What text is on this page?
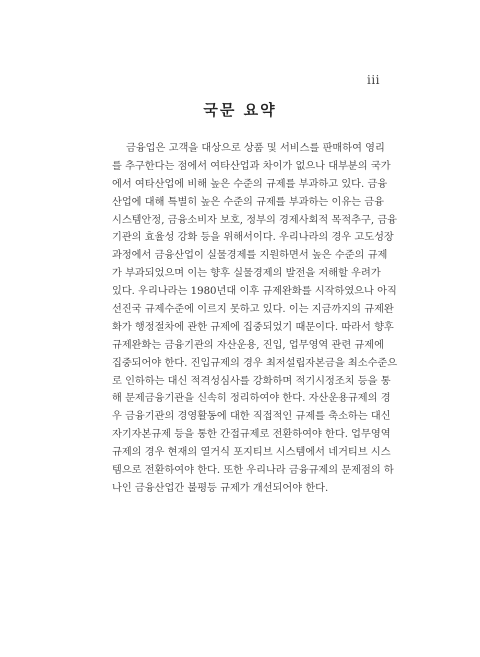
iii
국문 요약
금융업은 고객을 대상으로 상품 및 서비스를 판매하여 영리
를 추구한다는 점에서 여타산업과 차이가 없으나 대부분의 국가
에서 여타산업에 비해 높은 수준의 규제를 부과하고 있다. 금융
산업에 대해 특별히 높은 수준의 규제를 부과하는 이유는 금융
시스템안정, 금융소비자 보호, 정부의 경제사회적 목적추구, 금융
기관의 효율성 강화 등을 위해서이다. 우리나라의 경우 고도성장
과정에서 금융산업이 실물경제를 지원하면서 높은 수준의 규제
가 부과되었으며 이는 향후 실물경제의 발전을 저해할 우려가
있다. 우리나라는 1980년대 이후 규제완화를 시작하였으나 아직
선진국 규제수준에 이르지 못하고 있다. 이는 지금까지의 규제완
화가 행정절차에 관한 규제에 집중되었기 때문이다. 따라서 향후
규제완화는 금융기관의 자산운용, 진입, 업무영역 관련 규제에
집중되어야 한다. 진입규제의 경우 최저설립자본금을 최소수준으
로 인하하는 대신 적격성심사를 강화하며 적기시정조치 등을 통
해 문제금융기관을 신속히 정리하여야 한다. 자산운용규제의 경
우 금융기관의 경영활동에 대한 직접적인 규제를 축소하는 대신
자기자본규제 등을 통한 간접규제로 전환하여야 한다. 업무영역
규제의 경우 현재의 열거식 포지티브 시스템에서 네거티브 시스
템으로 전환하여야 한다. 또한 우리나라 금융규제의 문제점의 하
나인 금융산업간 불평등 규제가 개선되어야 한다.
